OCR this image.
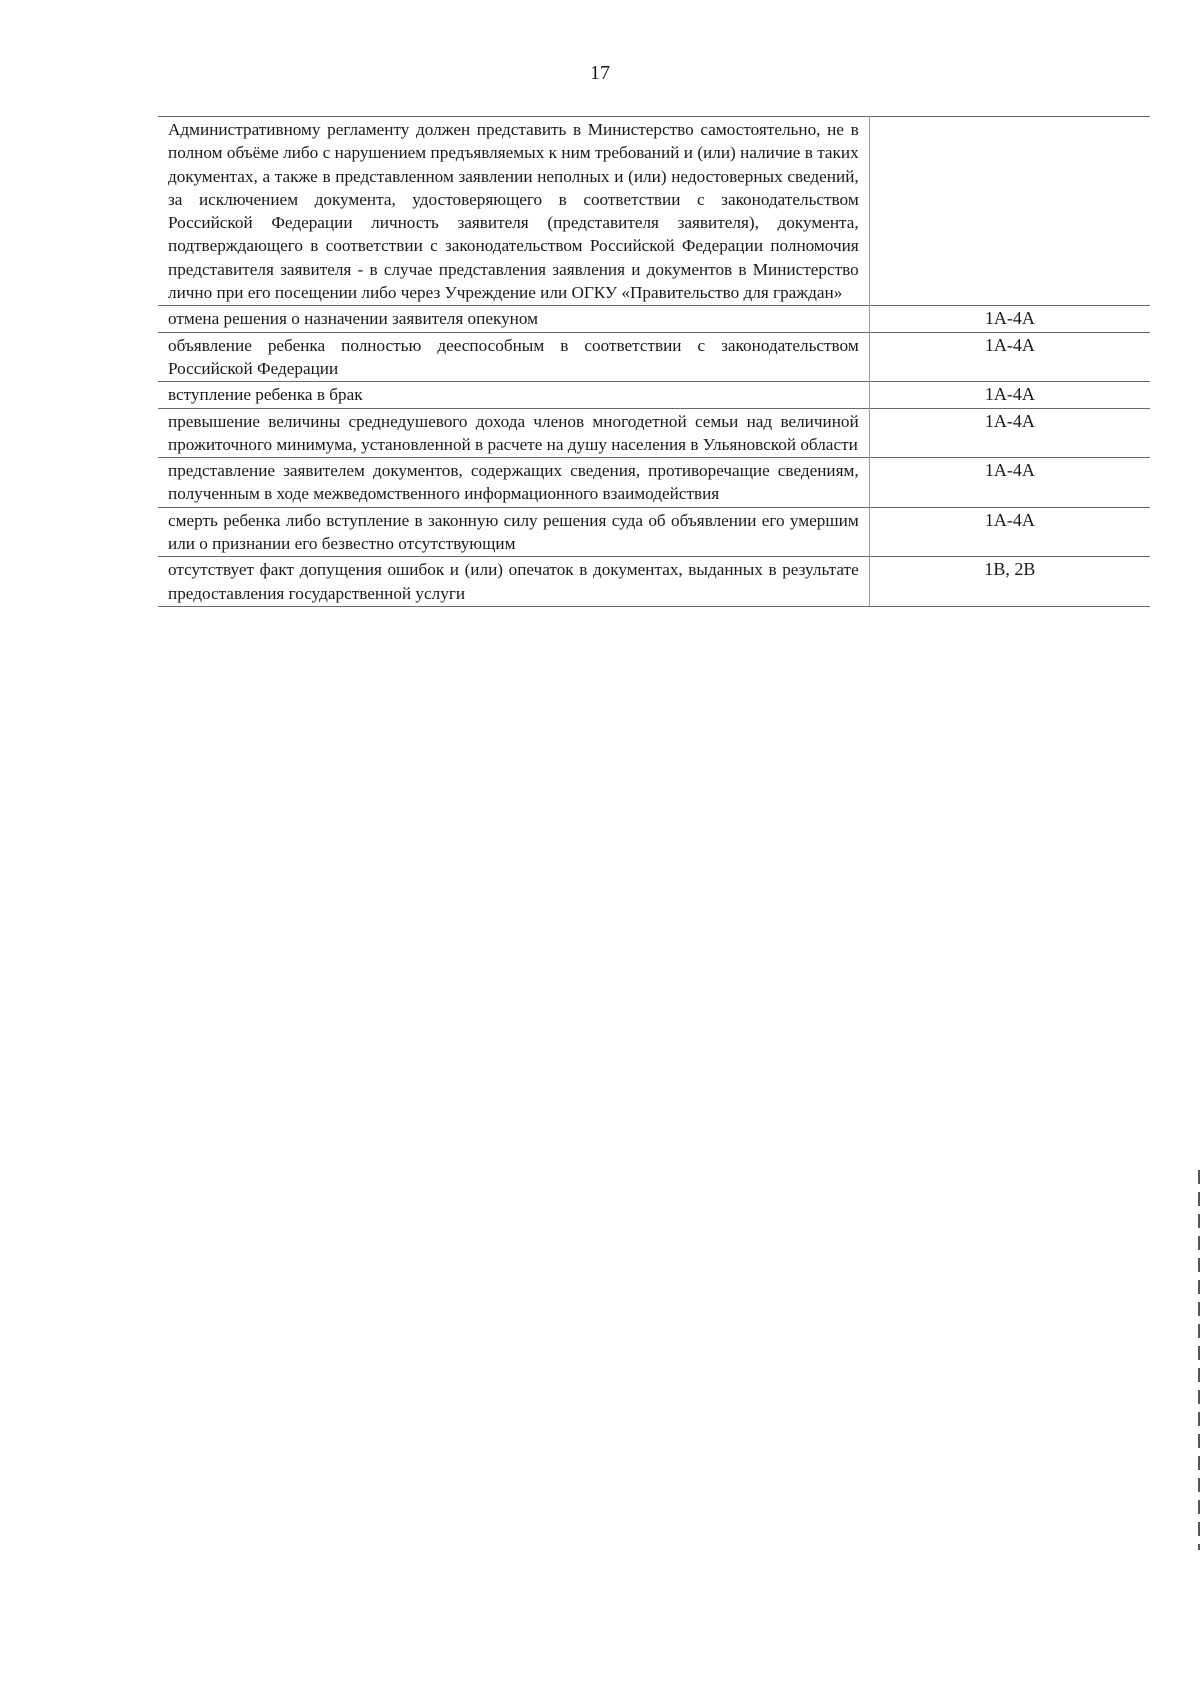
17
Административному регламенту должен представить в Министерство самостоятельно, не в полном объёме либо с нарушением предъявляемых к ним требований и (или) наличие в таких документах, а также в представленном заявлении неполных и (или) недостоверных сведений, за исключением документа, удостоверяющего в соответствии с законодательством Российской Федерации личность заявителя (представителя заявителя), документа, подтверждающего в соответствии с законодательством Российской Федерации полномочия представителя заявителя - в случае представления заявления и документов в Министерство лично при его посещении либо через Учреждение или ОГКУ «Правительство для граждан»	
отмена решения о назначении заявителя опекуном	1А-4А
объявление ребенка полностью дееспособным в соответствии с законодательством Российской Федерации	1А-4А
вступление ребенка в брак	1А-4А
превышение величины среднедушевого дохода членов многодетной семьи над величиной прожиточного минимума, установленной в расчете на душу населения в Ульяновской области	1А-4А
представление заявителем документов, содержащих сведения, противоречащие сведениям, полученным в ходе межведомственного информационного взаимодействия	1А-4А
смерть ребенка либо вступление в законную силу решения суда об объявлении его умершим или о признании его безвестно отсутствующим	1А-4А
отсутствует факт допущения ошибок и (или) опечаток в документах, выданных в результате предоставления государственной услуги	1В, 2В
